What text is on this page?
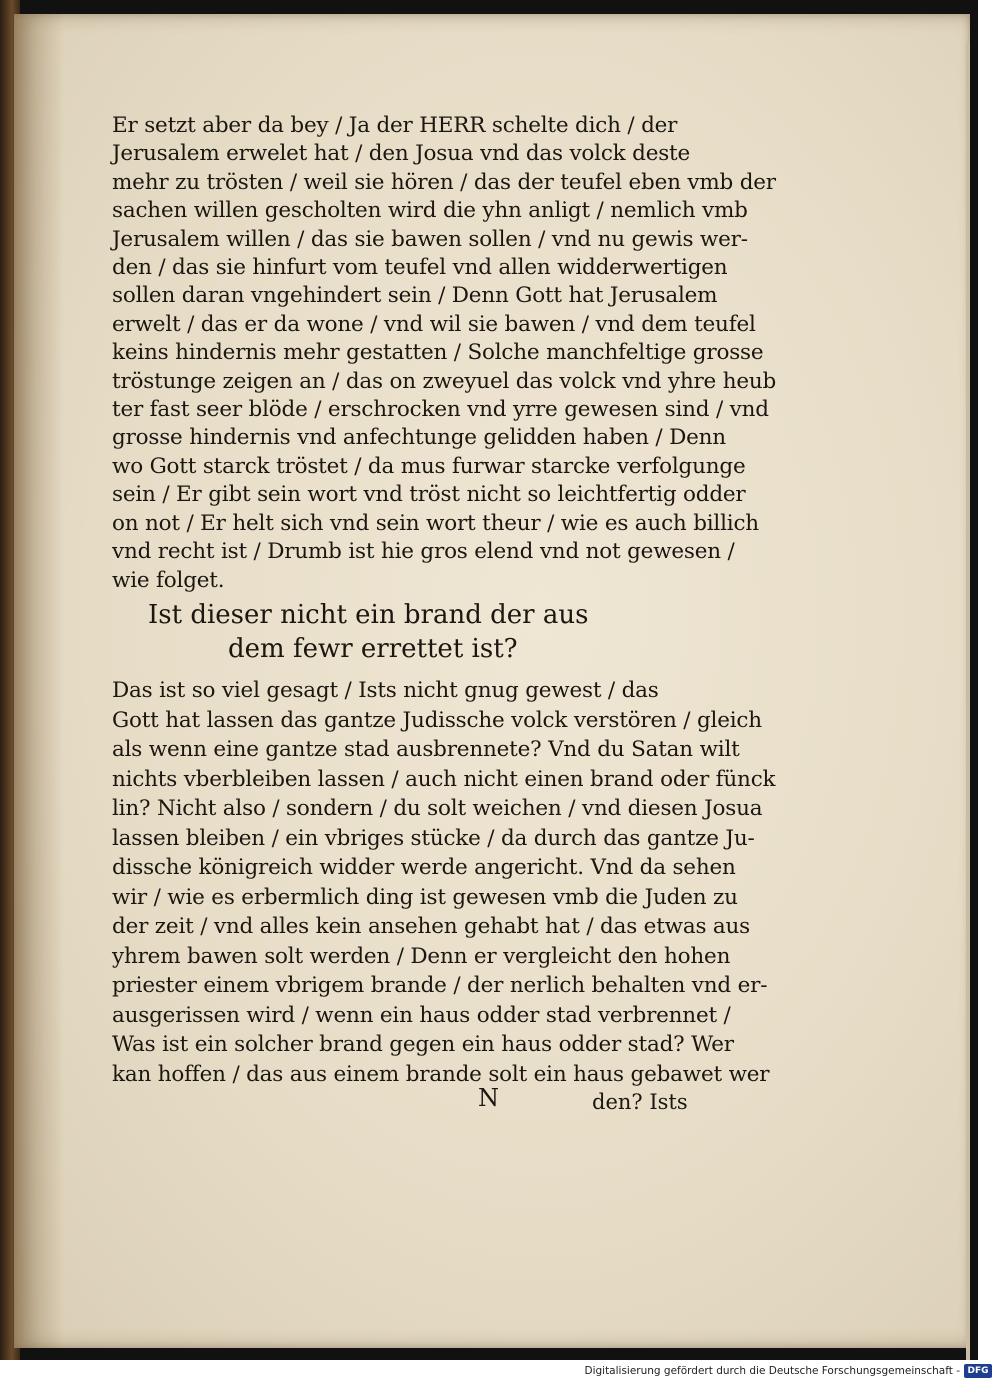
Er setzt aber da bey / Ja der HERR schelte dich / der
Jerusalem erwelet hat / den Josua vnd das volck deste
mehr zu trösten / weil sie hören / das der teufel eben vmb der
sachen willen gescholten wird die yhn anligt / nemlich vmb
Jerusalem willen / das sie bawen sollen / vnd nu gewis wer-
den / das sie hinfurt vom teufel vnd allen widderwertigen
sollen daran vngehindert sein / Denn Gott hat Jerusalem
erwelt / das er da wone / vnd wil sie bawen / vnd dem teufel
keins hindernis mehr gestatten / Solche manchfeltige grosse
tröstunge zeigen an / das on zweyuel das volck vnd yhre heub
ter fast seer blöde / erschrocken vnd yrre gewesen sind / vnd
grosse hindernis vnd anfechtunge gelidden haben / Denn
wo Gott starck tröstet / da mus furwar starcke verfolgunge
sein / Er gibt sein wort vnd tröst nicht so leichtfertig odder
on not / Er helt sich vnd sein wort theur / wie es auch billich
vnd recht ist / Drumb ist hie gros elend vnd not gewesen /
wie folget.
Ist dieser nicht ein brand der aus
dem fewr errettet ist?
Das ist so viel gesagt / Ists nicht gnug gewest / das
Gott hat lassen das gantze Judissche volck verstören / gleich
als wenn eine gantze stad ausbrennete? Vnd du Satan wilt
nichts vberbleiben lassen / auch nicht einen brand oder fünck
lin? Nicht also / sondern / du solt weichen / vnd diesen Josua
lassen bleiben / ein vbriges stücke / da durch das gantze Ju-
dissche königreich widder werde angericht. Vnd da sehen
wir / wie es erbermlich ding ist gewesen vmb die Juden zu
der zeit / vnd alles kein ansehen gehabt hat / das etwas aus
yhrem bawen solt werden / Denn er vergleicht den hohen
priester einem vbrigem brande / der nerlich behalten vnd er-
ausgerissen wird / wenn ein haus odder stad verbrennet /
Was ist ein solcher brand gegen ein haus odder stad? Wer
kan hoffen / das aus einem brande solt ein haus gebawet wer
N	den? Ists
Digitalisierung gefördert durch die Deutsche Forschungsgemeinschaft - DFG
